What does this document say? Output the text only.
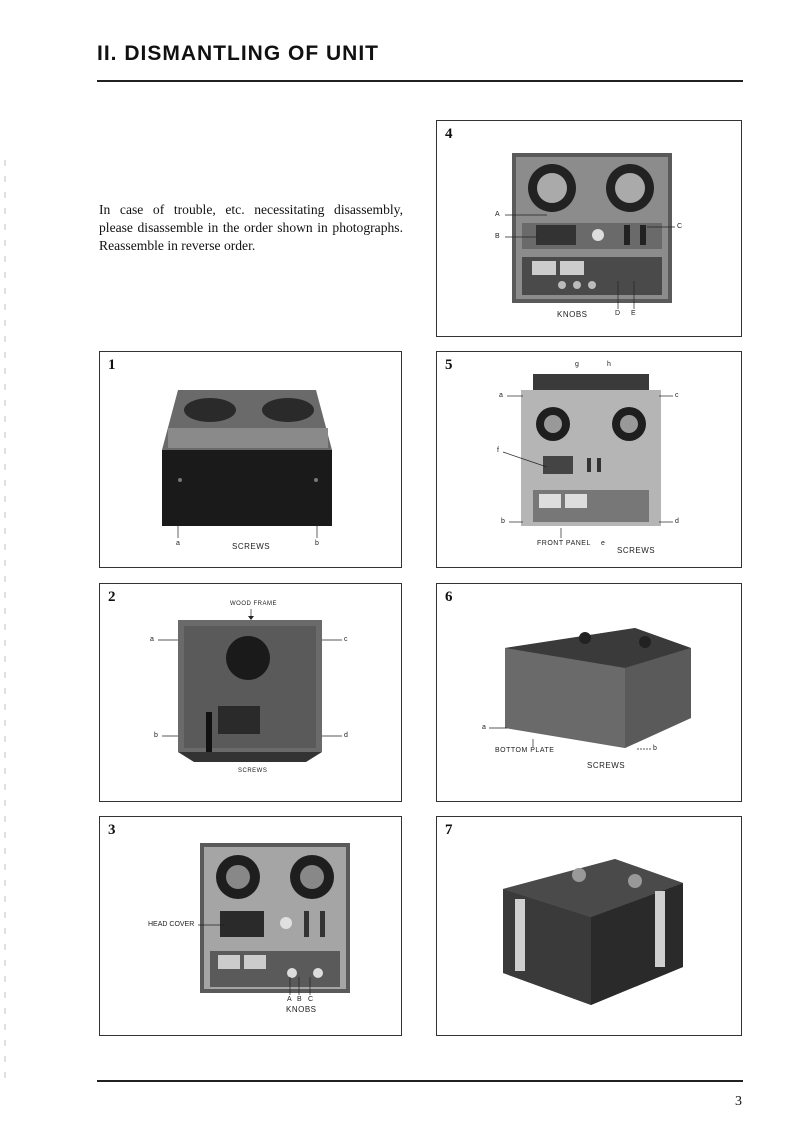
II. DISMANTLING OF UNIT

In case of trouble, etc. necessitating disassembly, please disassemble in the order shown in photographs. Reassemble in reverse order.

4
A
B
C
KNOBS	D E
1
a	SCREWS	b
5	g	h
a	c
f
b	d
FRONT PANEL e
SCREWS
2	WOOD FRAME
a	c
b	d
SCREWS
6
a
BOTTOM PLATE	b
SCREWS
3
HEAD COVER
A B C
KNOBS
7
3
